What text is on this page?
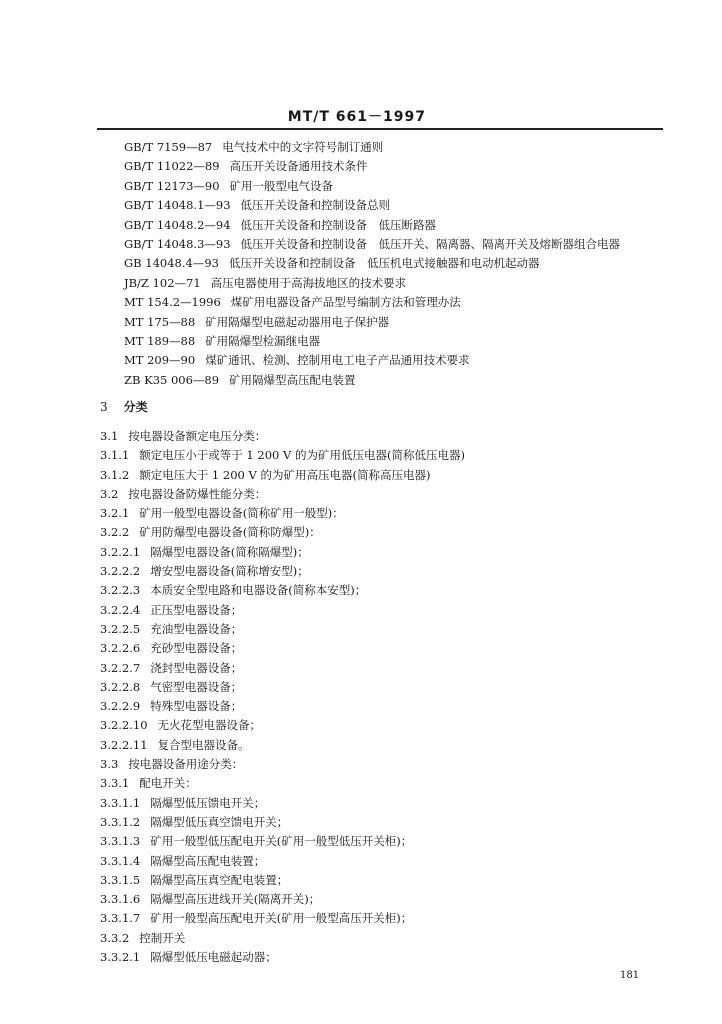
MT/T 661－1997
GB/T 7159—87 电气技术中的文字符号制订通则
GB/T 11022—89 高压开关设备通用技术条件
GB/T 12173—90 矿用一般型电气设备
GB/T 14048.1—93 低压开关设备和控制设备总则
GB/T 14048.2—94 低压开关设备和控制设备　低压断路器
GB/T 14048.3—93 低压开关设备和控制设备　低压开关、隔离器、隔离开关及熔断器组合电器
GB 14048.4—93 低压开关设备和控制设备　低压机电式接触器和电动机起动器
JB/Z 102—71 高压电器使用于高海拔地区的技术要求
MT 154.2—1996 煤矿用电器设备产品型号编制方法和管理办法
MT 175—88 矿用隔爆型电磁起动器用电子保护器
MT 189—88 矿用隔爆型检漏继电器
MT 209—90 煤矿通讯、检测、控制用电工电子产品通用技术要求
ZB K35 006—89 矿用隔爆型高压配电装置
3 分类
3.1 按电器设备额定电压分类：
3.1.1 额定电压小于或等于 1 200 V 的为矿用低压电器(简称低压电器)
3.1.2 额定电压大于 1 200 V 的为矿用高压电器(简称高压电器)
3.2 按电器设备防爆性能分类：
3.2.1 矿用一般型电器设备(简称矿用一般型)：
3.2.2 矿用防爆型电器设备(简称防爆型)：
3.2.2.1 隔爆型电器设备(简称隔爆型)；
3.2.2.2 增安型电器设备(简称增安型)；
3.2.2.3 本质安全型电路和电器设备(简称本安型)；
3.2.2.4 正压型电器设备；
3.2.2.5 充油型电器设备；
3.2.2.6 充砂型电器设备；
3.2.2.7 浇封型电器设备；
3.2.2.8 气密型电器设备；
3.2.2.9 特殊型电器设备；
3.2.2.10 无火花型电器设备；
3.2.2.11 复合型电器设备。
3.3 按电器设备用途分类：
3.3.1 配电开关：
3.3.1.1 隔爆型低压馈电开关；
3.3.1.2 隔爆型低压真空馈电开关；
3.3.1.3 矿用一般型低压配电开关(矿用一般型低压开关柜)；
3.3.1.4 隔爆型高压配电装置；
3.3.1.5 隔爆型高压真空配电装置；
3.3.1.6 隔爆型高压进线开关(隔离开关)；
3.3.1.7 矿用一般型高压配电开关(矿用一般型高压开关柜)；
3.3.2 控制开关
3.3.2.1 隔爆型低压电磁起动器；
181
